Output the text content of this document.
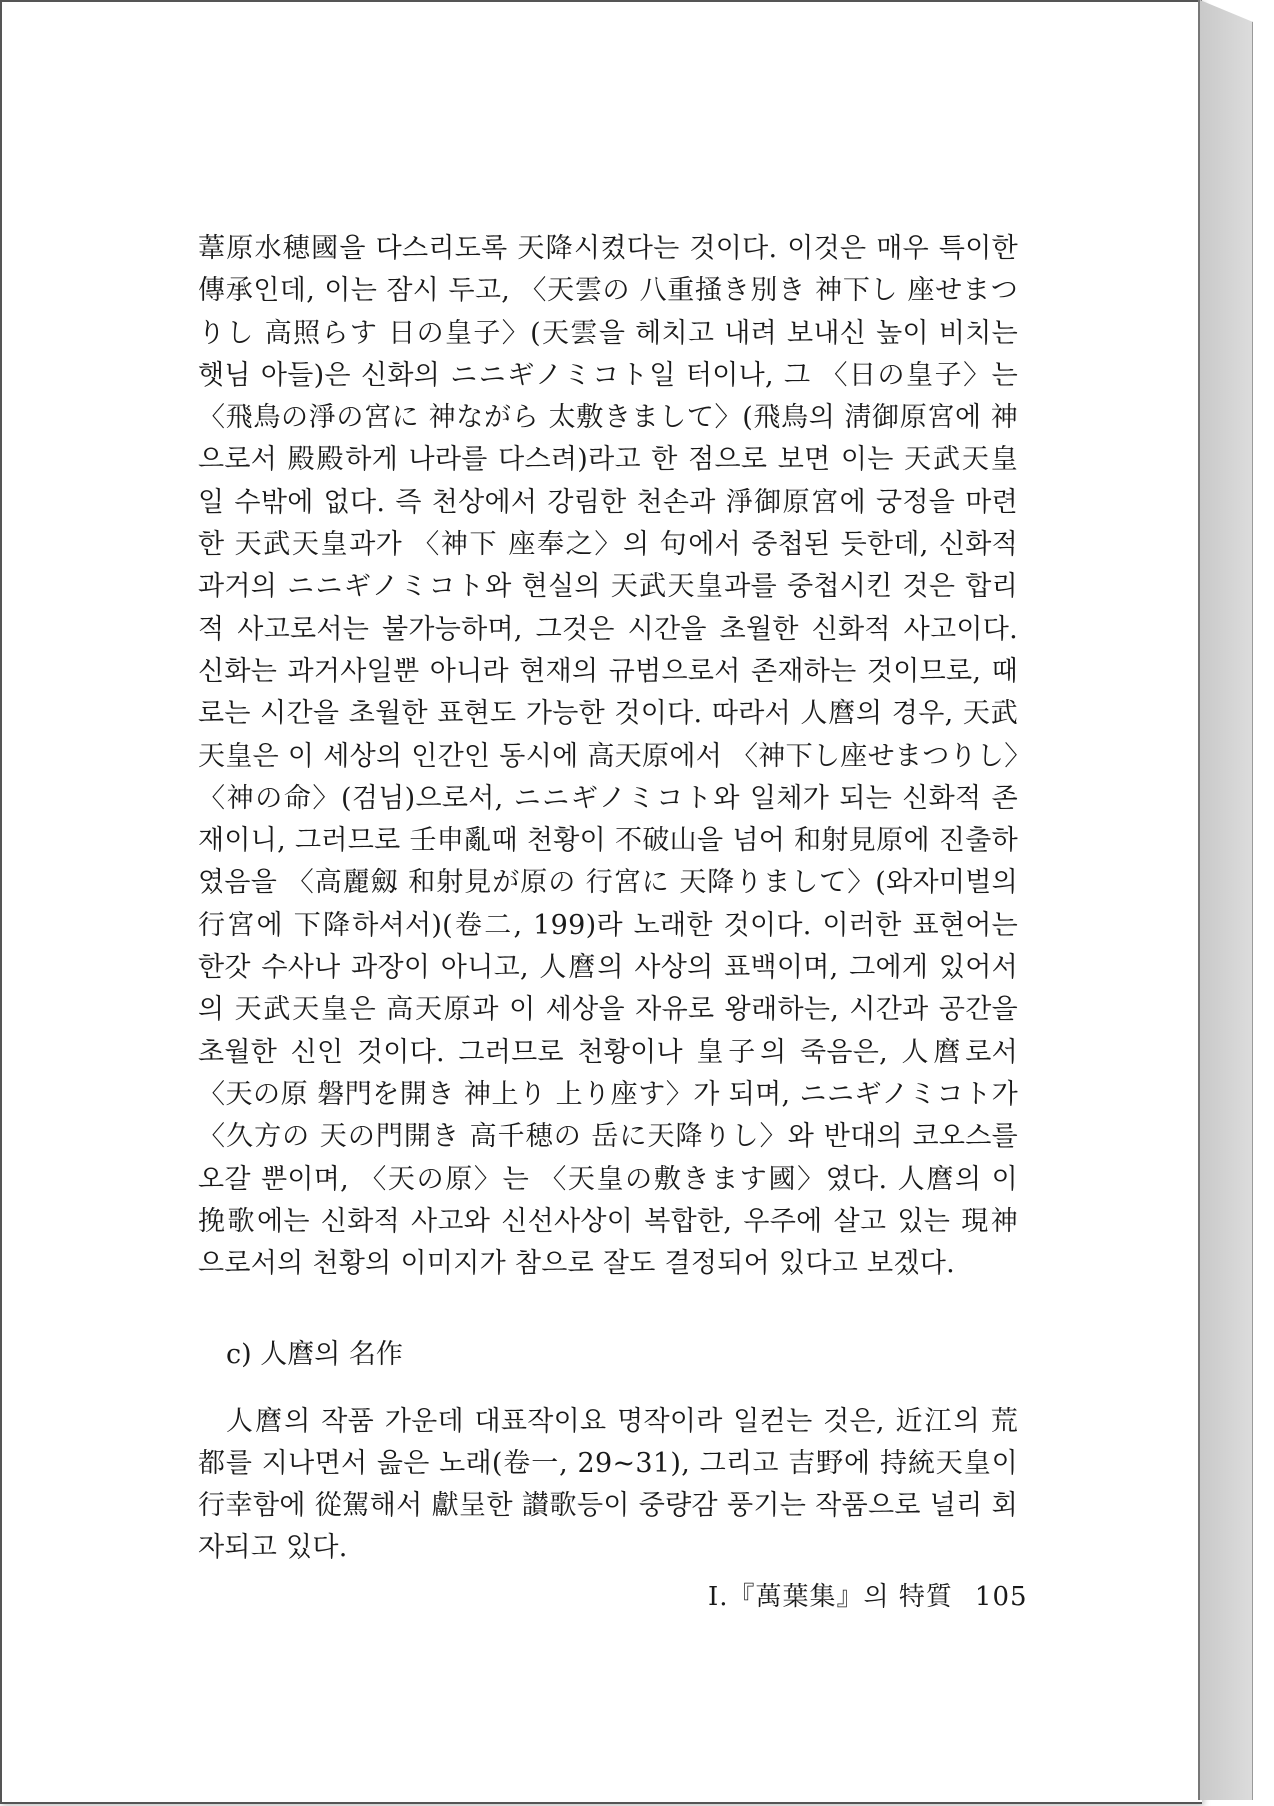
葦原水穂國을 다스리도록 天降시켰다는 것이다. 이것은 매우 특이한 傳承인데, 이는 잠시 두고, 〈天雲の 八重掻き別き 神下し 座せまつりし 高照らす 日の皇子〉(天雲을 헤치고 내려 보내신 높이 비치는 햇님 아들)은 신화의 ニニギノミコト일 터이나, 그 〈日の皇子〉는 〈飛鳥の淨の宮に 神ながら 太敷きまして〉(飛鳥의 淸御原宮에 神으로서 殿殿하게 나라를 다스려)라고 한 점으로 보면 이는 天武天皇일 수밖에 없다. 즉 천상에서 강림한 천손과 淨御原宮에 궁정을 마련한 天武天皇과가 〈神下 座奉之〉의 句에서 중첩된 듯한데, 신화적 과거의 ニニギノミコト와 현실의 天武天皇과를 중첩시킨 것은 합리적 사고로서는 불가능하며, 그것은 시간을 초월한 신화적 사고이다. 신화는 과거사일뿐 아니라 현재의 규범으로서 존재하는 것이므로, 때로는 시간을 초월한 표현도 가능한 것이다. 따라서 人麿의 경우, 天武天皇은 이 세상의 인간인 동시에 高天原에서 〈神下し座せまつりし〉〈神の命〉(검님)으로서, ニニギノミコト와 일체가 되는 신화적 존재이니, 그러므로 壬申亂때 천황이 不破山을 넘어 和射見原에 진출하였음을 〈高麗劔 和射見が原の 行宮に 天降りまして〉(와자미벌의 行宮에 下降하셔서)(卷二, 199)라 노래한 것이다. 이러한 표현어는 한갓 수사나 과장이 아니고, 人麿의 사상의 표백이며, 그에게 있어서의 天武天皇은 高天原과 이 세상을 자유로 왕래하는, 시간과 공간을 초월한 신인 것이다. 그러므로 천황이나 皇子의 죽음은, 人麿로서 〈天の原 磐門を開き 神上り 上り座す〉가 되며, ニニギノミコト가 〈久方の 天の門開き 高千穂の 岳に天降りし〉와 반대의 코오스를 오갈 뿐이며, 〈天の原〉는 〈天皇の敷きます國〉였다. 人麿의 이 挽歌에는 신화적 사고와 신선사상이 복합한, 우주에 살고 있는 現神으로서의 천황의 이미지가 참으로 잘도 결정되어 있다고 보겠다.

c) 人麿의 名作

人麿의 작품 가운데 대표작이요 명작이라 일컫는 것은, 近江의 荒都를 지나면서 읊은 노래(卷一, 29~31), 그리고 吉野에 持統天皇이 行幸함에 從駕해서 獻呈한 讃歌등이 중량감 풍기는 작품으로 널리 회자되고 있다.

I.『萬葉集』의 特質 105
